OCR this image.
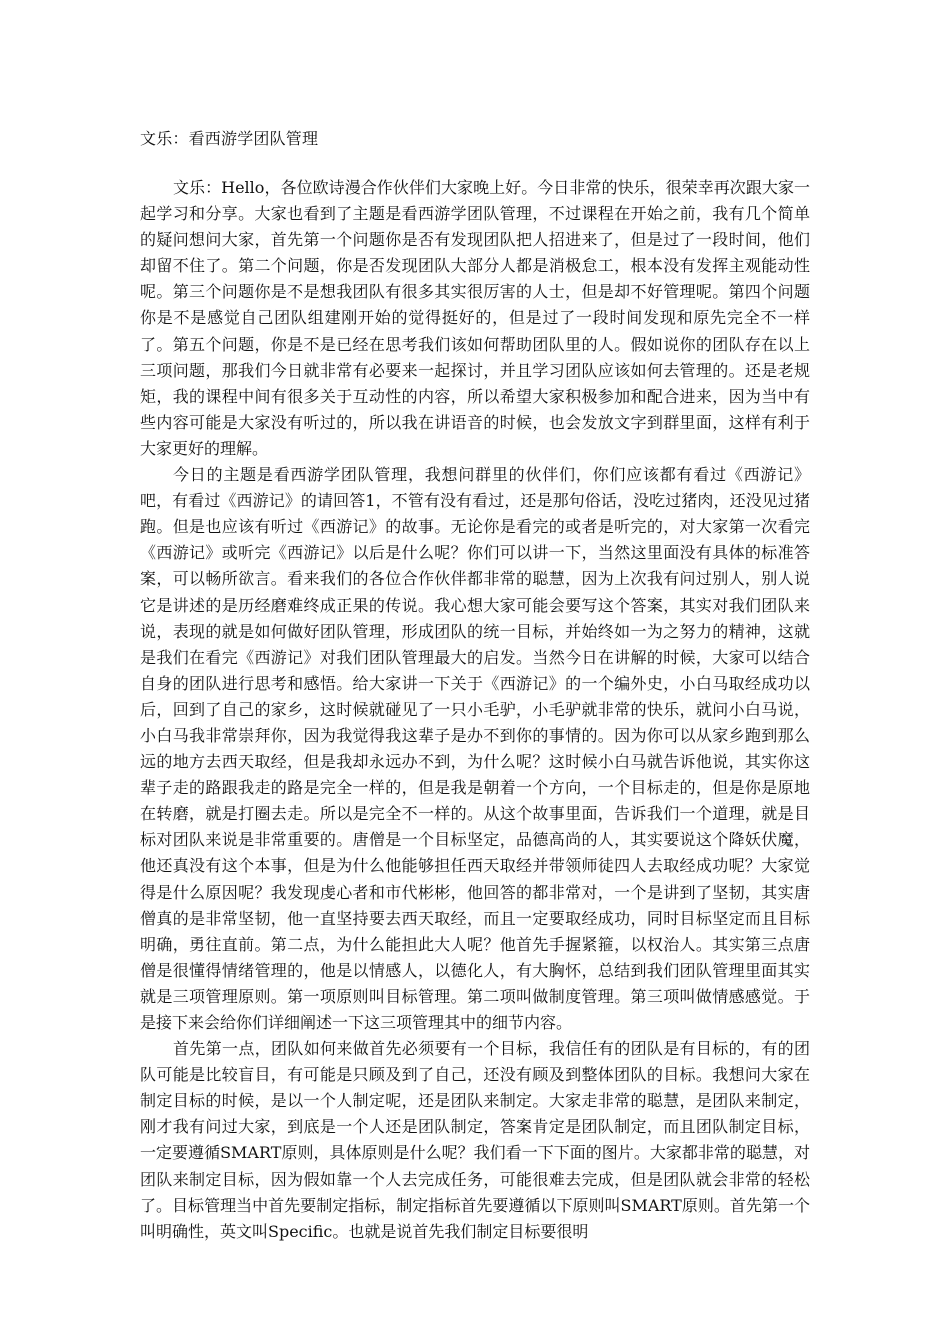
文乐：看西游学团队管理

文乐：Hello，各位欧诗漫合作伙伴们大家晚上好。今日非常的快乐，很荣幸再次跟大家一起学习和分享。大家也看到了主题是看西游学团队管理，不过课程在开始之前，我有几个简单的疑问想问大家，首先第一个问题你是否有发现团队把人招进来了，但是过了一段时间，他们却留不住了。第二个问题，你是否发现团队大部分人都是消极怠工，根本没有发挥主观能动性呢。第三个问题你是不是想我团队有很多其实很厉害的人士，但是却不好管理呢。第四个问题你是不是感觉自己团队组建刚开始的觉得挺好的，但是过了一段时间发现和原先完全不一样了。第五个问题，你是不是已经在思考我们该如何帮助团队里的人。假如说你的团队存在以上三项问题，那我们今日就非常有必要来一起探讨，并且学习团队应该如何去管理的。还是老规矩，我的课程中间有很多关于互动性的内容，所以希望大家积极参加和配合进来，因为当中有些内容可能是大家没有听过的，所以我在讲语音的时候，也会发放文字到群里面，这样有利于大家更好的理解。

今日的主题是看西游学团队管理，我想问群里的伙伴们，你们应该都有看过《西游记》吧，有看过《西游记》的请回答1，不管有没有看过，还是那句俗话，没吃过猪肉，还没见过猪跑。但是也应该有听过《西游记》的故事。无论你是看完的或者是听完的，对大家第一次看完《西游记》或听完《西游记》以后是什么呢？你们可以讲一下，当然这里面没有具体的标准答案，可以畅所欲言。看来我们的各位合作伙伴都非常的聪慧，因为上次我有问过别人，别人说它是讲述的是历经磨难终成正果的传说。我心想大家可能会要写这个答案，其实对我们团队来说，表现的就是如何做好团队管理，形成团队的统一目标，并始终如一为之努力的精神，这就是我们在看完《西游记》对我们团队管理最大的启发。当然今日在讲解的时候，大家可以结合自身的团队进行思考和感悟。给大家讲一下关于《西游记》的一个编外史，小白马取经成功以后，回到了自己的家乡，这时候就碰见了一只小毛驴，小毛驴就非常的快乐，就问小白马说，小白马我非常崇拜你，因为我觉得我这辈子是办不到你的事情的。因为你可以从家乡跑到那么远的地方去西天取经，但是我却永远办不到，为什么呢？这时候小白马就告诉他说，其实你这辈子走的路跟我走的路是完全一样的，但是我是朝着一个方向，一个目标走的，但是你是原地在转磨，就是打圈去走。所以是完全不一样的。从这个故事里面，告诉我们一个道理，就是目标对团队来说是非常重要的。唐僧是一个目标坚定，品德高尚的人，其实要说这个降妖伏魔，他还真没有这个本事，但是为什么他能够担任西天取经并带领师徒四人去取经成功呢？大家觉得是什么原因呢？我发现虔心者和市代彬彬，他回答的都非常对，一个是讲到了坚韧，其实唐僧真的是非常坚韧，他一直坚持要去西天取经，而且一定要取经成功，同时目标坚定而且目标明确，勇往直前。第二点，为什么能担此大人呢？他首先手握紧箍，以权治人。其实第三点唐僧是很懂得情绪管理的，他是以情感人，以德化人，有大胸怀，总结到我们团队管理里面其实就是三项管理原则。第一项原则叫目标管理。第二项叫做制度管理。第三项叫做情感感觉。于是接下来会给你们详细阐述一下这三项管理其中的细节内容。

首先第一点，团队如何来做首先必须要有一个目标，我信任有的团队是有目标的，有的团队可能是比较盲目，有可能是只顾及到了自己，还没有顾及到整体团队的目标。我想问大家在制定目标的时候，是以一个人制定呢，还是团队来制定。大家走非常的聪慧，是团队来制定，刚才我有问过大家，到底是一个人还是团队制定，答案肯定是团队制定，而且团队制定目标，一定要遵循SMART原则，具体原则是什么呢？我们看一下下面的图片。大家都非常的聪慧，对团队来制定目标，因为假如靠一个人去完成任务，可能很难去完成，但是团队就会非常的轻松了。目标管理当中首先要制定指标，制定指标首先要遵循以下原则叫SMART原则。首先第一个叫明确性，英文叫Specific。也就是说首先我们制定目标要很明
